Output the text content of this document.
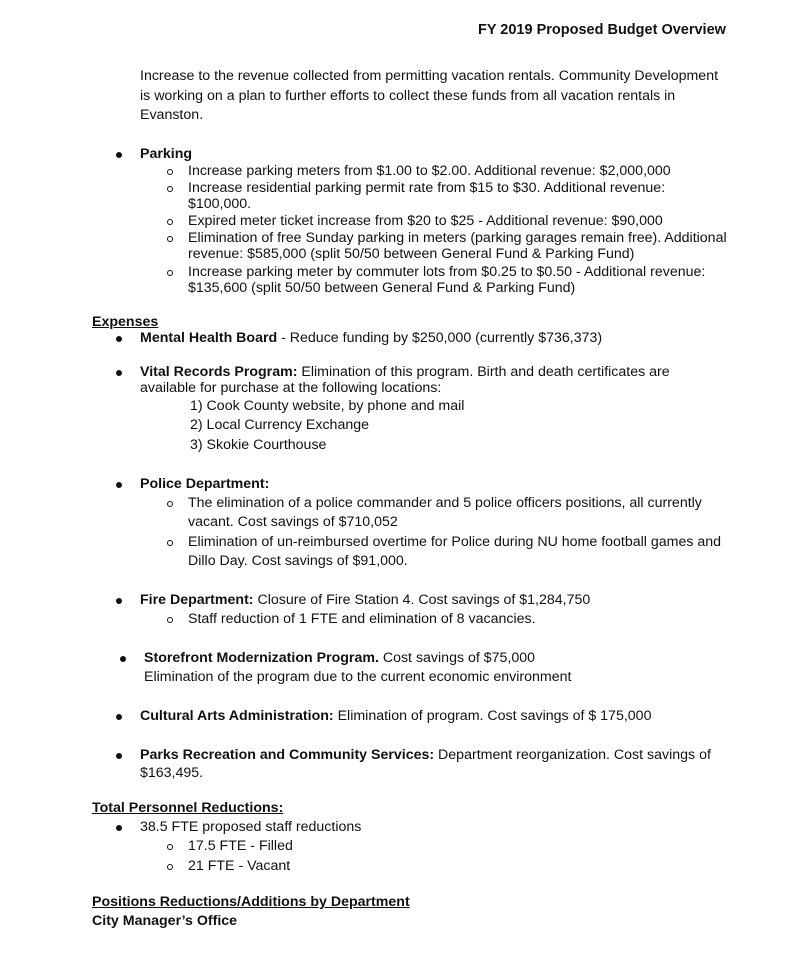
FY 2019 Proposed Budget Overview
Increase to the revenue collected from permitting vacation rentals. Community Development
is working on a plan to further efforts to collect these funds from all vacation rentals in
Evanston.
Parking
Increase parking meters from $1.00 to $2.00. Additional revenue: $2,000,000
Increase residential parking permit rate from $15 to $30. Additional revenue:
$100,000.
Expired meter ticket increase from $20 to $25 - Additional revenue: $90,000
Elimination of free Sunday parking in meters (parking garages remain free). Additional
revenue: $585,000 (split 50/50 between General Fund & Parking Fund)
Increase parking meter by commuter lots from $0.25 to $0.50 - Additional revenue:
$135,600 (split 50/50 between General Fund & Parking Fund)
Expenses
Mental Health Board - Reduce funding by $250,000 (currently $736,373)
Vital Records Program: Elimination of this program. Birth and death certificates are
available for purchase at the following locations:
1) Cook County website, by phone and mail
2) Local Currency Exchange
3) Skokie Courthouse
Police Department:
The elimination of a police commander and 5 police officers positions, all currently
vacant. Cost savings of $710,052
Elimination of un-reimbursed overtime for Police during NU home football games and
Dillo Day. Cost savings of $91,000.
Fire Department: Closure of Fire Station 4. Cost savings of $1,284,750
Staff reduction of 1 FTE and elimination of 8 vacancies.
Storefront Modernization Program. Cost savings of $75,000
Elimination of the program due to the current economic environment
Cultural Arts Administration: Elimination of program. Cost savings of $ 175,000
Parks Recreation and Community Services: Department reorganization. Cost savings of
$163,495.
Total Personnel Reductions:
38.5 FTE proposed staff reductions
17.5 FTE - Filled
21 FTE - Vacant
Positions Reductions/Additions by Department
City Manager’s Office
